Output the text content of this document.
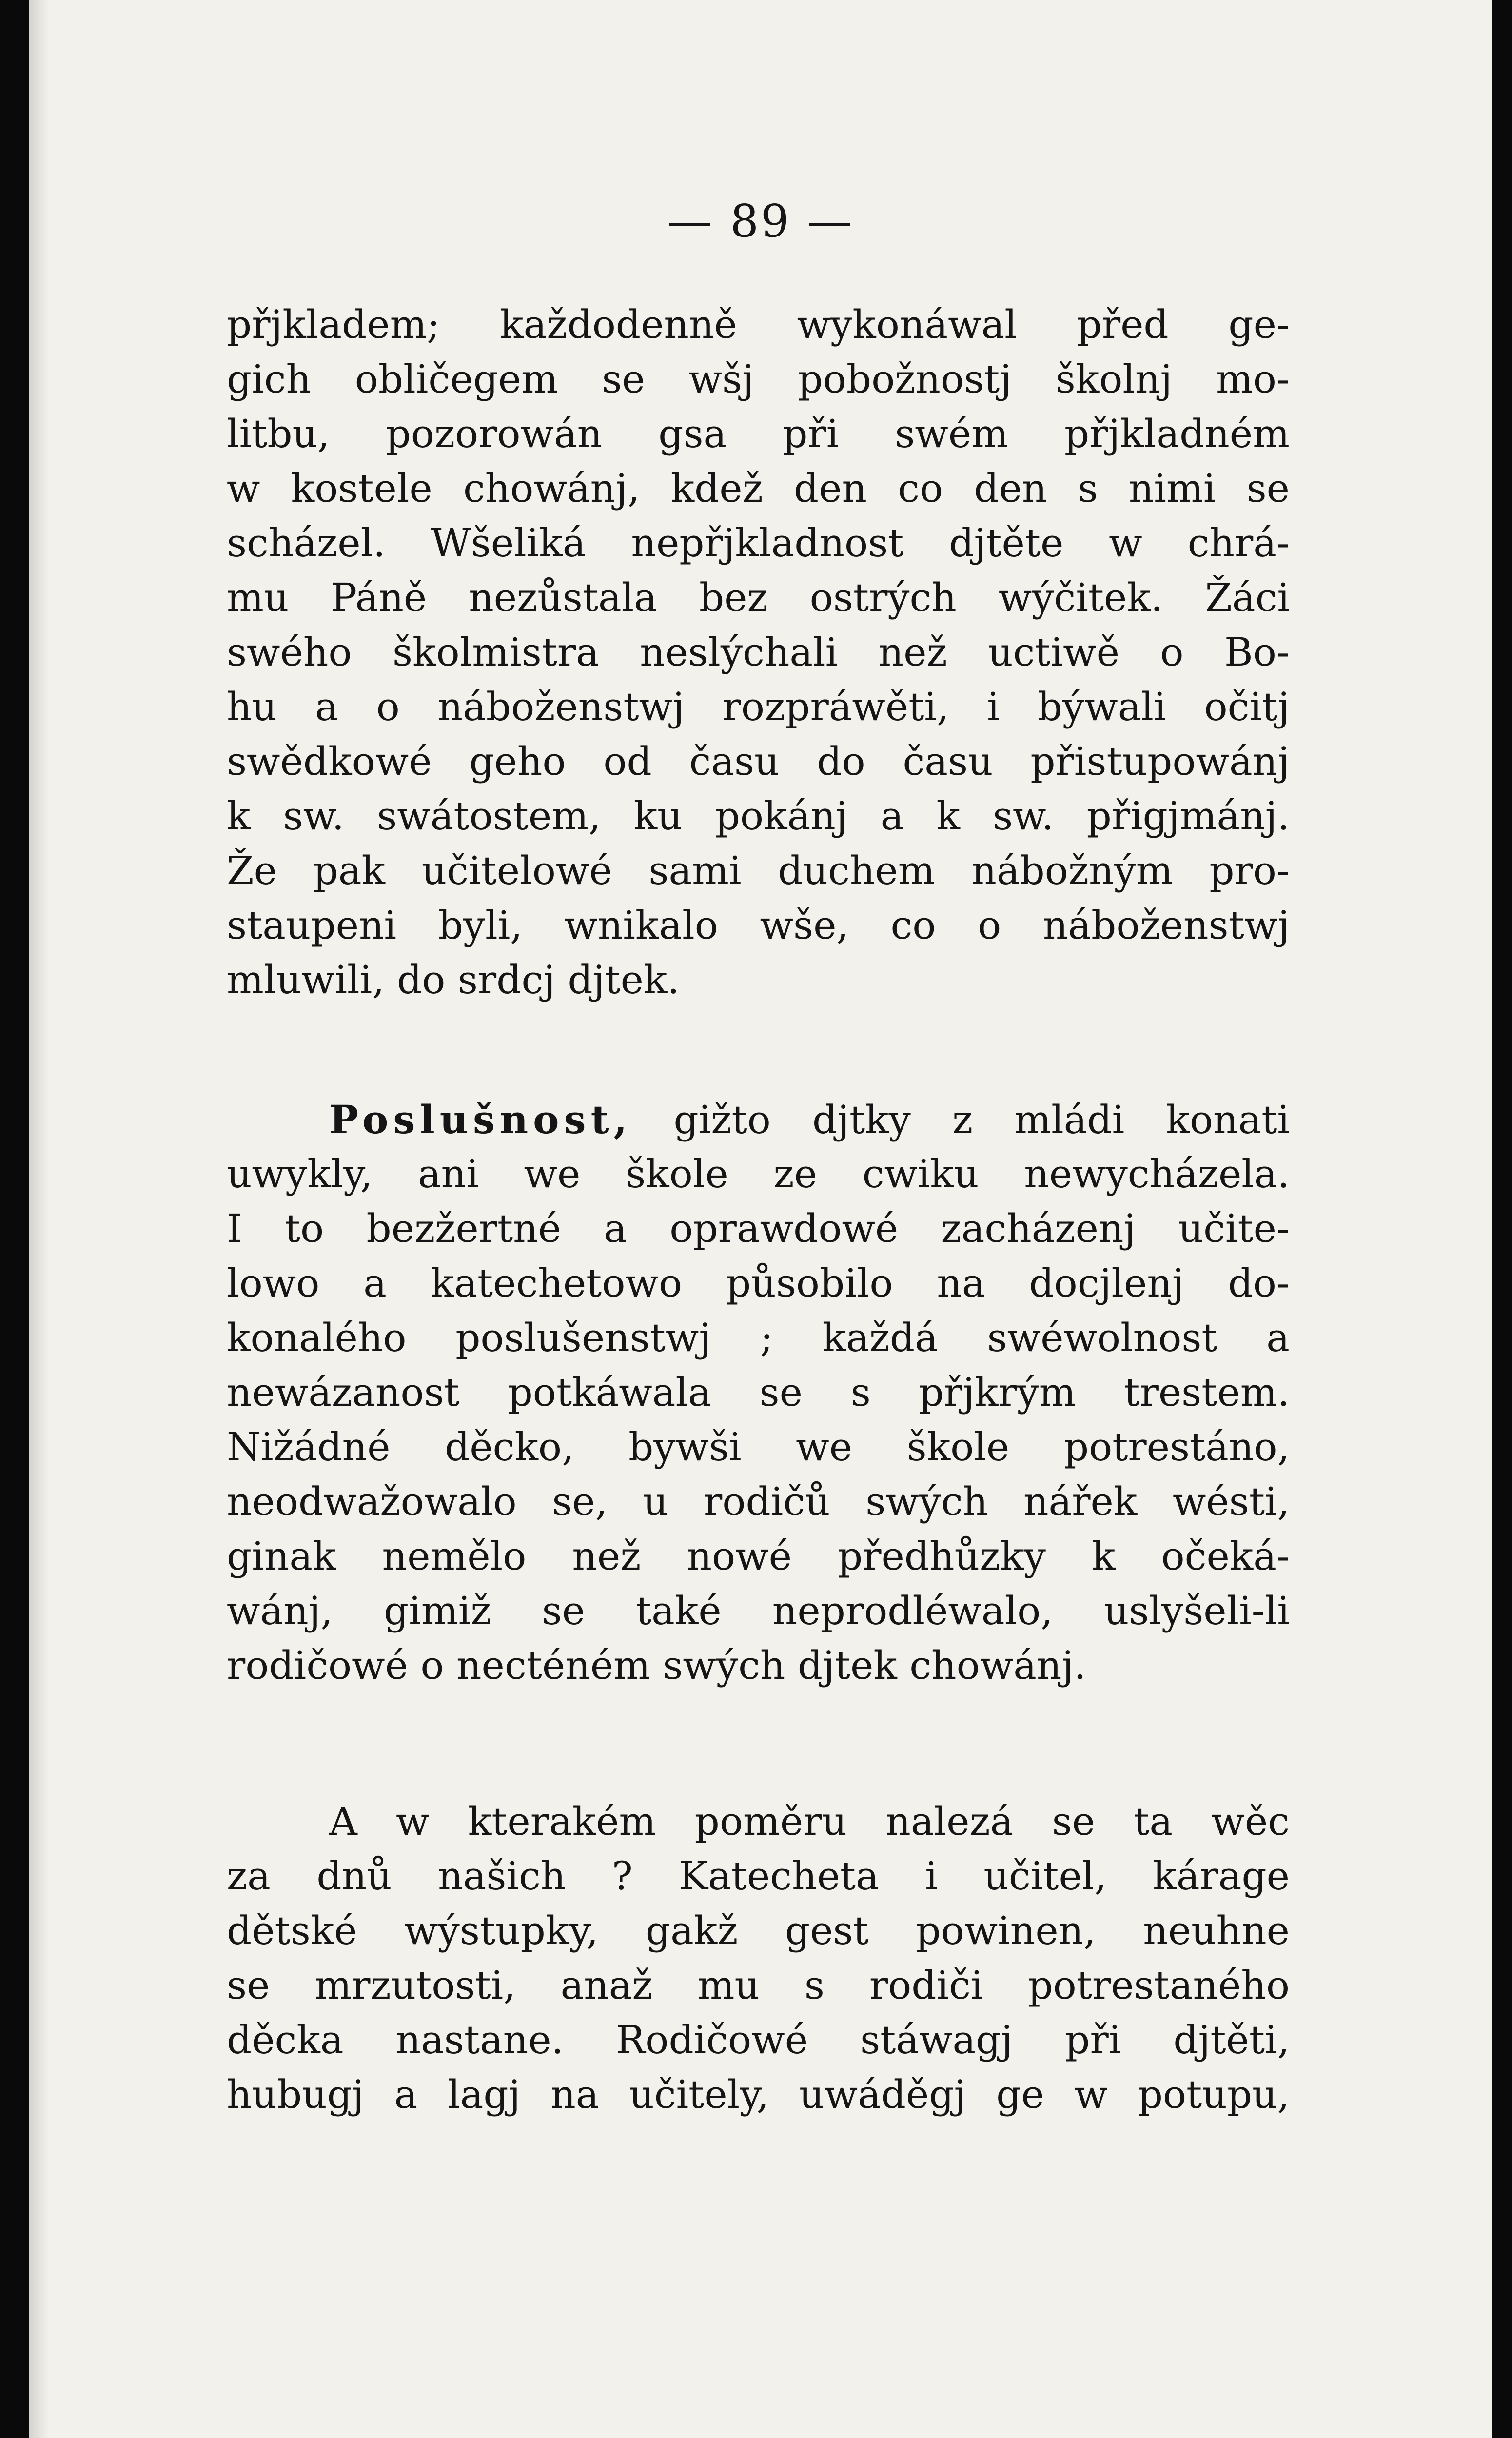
— 89 —
přjkladem; každodenně wykonáwal před ge-
gich obličegem se wšj pobožnostj školnj mo-
litbu, pozorowán gsa při swém přjkladném
w kostele chowánj, kdež den co den s nimi se
scházel. Wšeliká nepřjkladnost djtěte w chrá-
mu Páně nezůstala bez ostrých wýčitek. Žáci
swého školmistra neslýchali než uctiwě o Bo-
hu a o náboženstwj rozpráwěti, i býwali očitj
swědkowé geho od času do času přistupowánj
k sw. swátostem, ku pokánj a k sw. přigjmánj.
Že pak učitelowé sami duchem nábožným pro-
staupeni byli, wnikalo wše, co o náboženstwj
mluwili, do srdcj djtek.
Poslušnost, gižto djtky z mládi konati
uwykly, ani we škole ze cwiku newycházela.
I to bezžertné a oprawdowé zacházenj učite-
lowo a katechetowo působilo na docjlenj do-
konalého poslušenstwj ; každá swéwolnost a
newázanost potkáwala se s přjkrým trestem.
Nižádné děcko, bywši we škole potrestáno,
neodwažowalo se, u rodičů swých nářek wésti,
ginak nemělo než nowé předhůzky k očeká-
wánj, gimiž se také neprodléwalo, uslyšeli-li
rodičowé o necténém swých djtek chowánj.
A w kterakém poměru nalezá se ta wěc
za dnů našich ? Katecheta i učitel, kárage
dětské wýstupky, gakž gest powinen, neuhne
se mrzutosti, anaž mu s rodiči potrestaného
děcka nastane. Rodičowé stáwagj při djtěti,
hubugj a lagj na učitely, uwáděgj ge w potupu,
